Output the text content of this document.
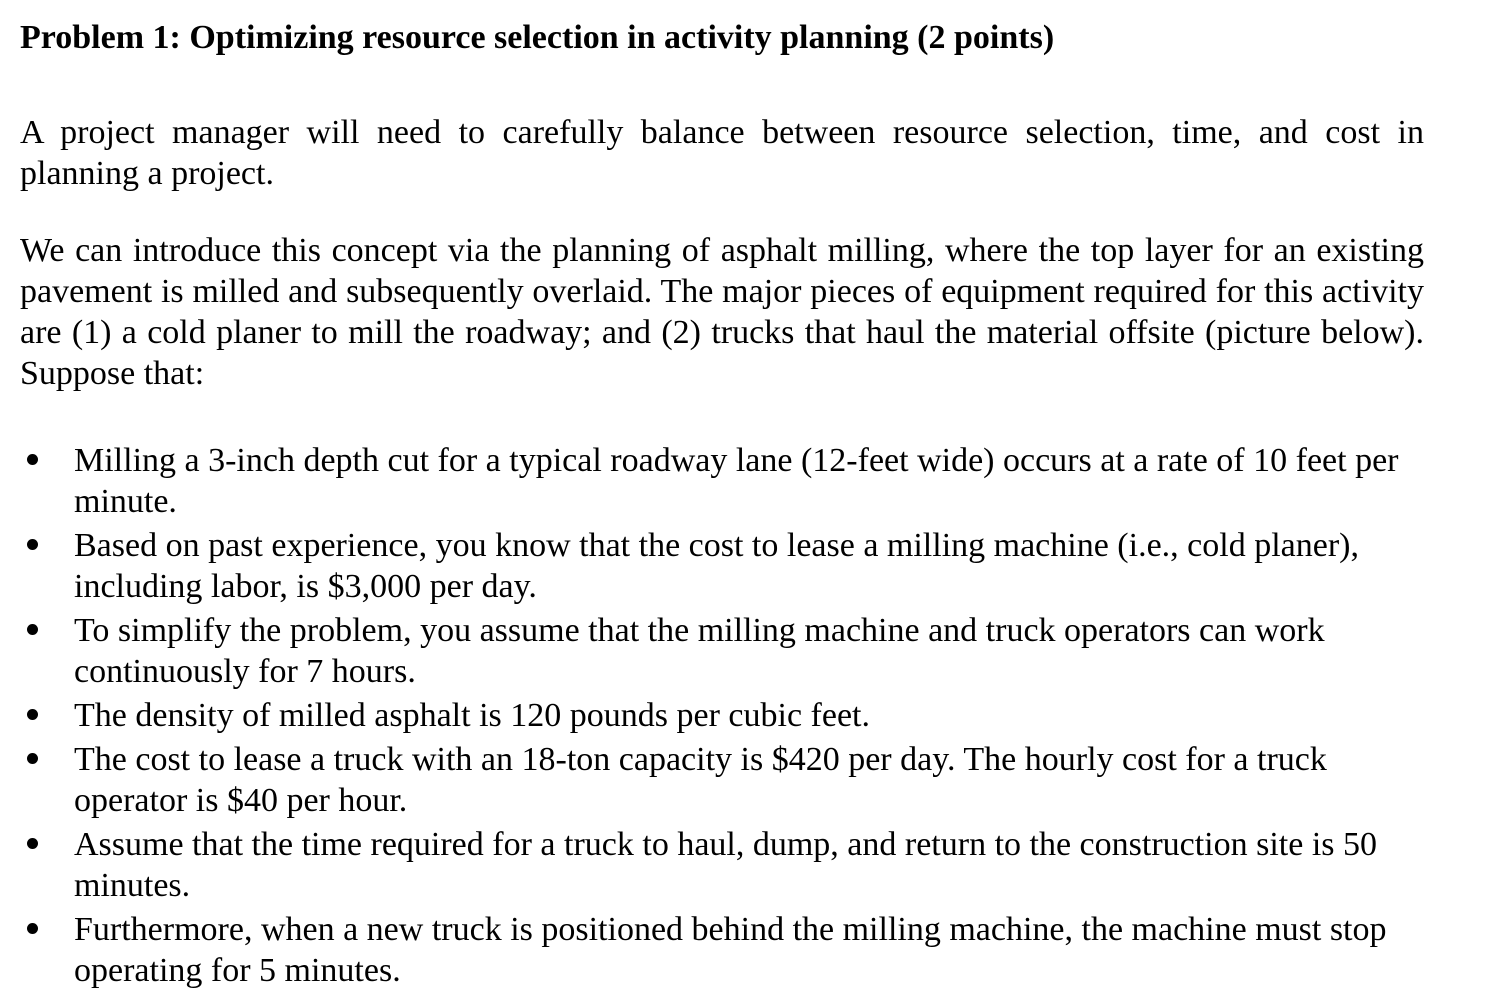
Problem 1: Optimizing resource selection in activity planning (2 points)

A project manager will need to carefully balance between resource selection, time, and cost in planning a project.

We can introduce this concept via the planning of asphalt milling, where the top layer for an existing pavement is milled and subsequently overlaid. The major pieces of equipment required for this activity are (1) a cold planer to mill the roadway; and (2) trucks that haul the material offsite (picture below). Suppose that:

Milling a 3-inch depth cut for a typical roadway lane (12-feet wide) occurs at a rate of 10 feet per minute.
Based on past experience, you know that the cost to lease a milling machine (i.e., cold planer), including labor, is $3,000 per day.
To simplify the problem, you assume that the milling machine and truck operators can work continuously for 7 hours.
The density of milled asphalt is 120 pounds per cubic feet.
The cost to lease a truck with an 18-ton capacity is $420 per day. The hourly cost for a truck operator is $40 per hour.
Assume that the time required for a truck to haul, dump, and return to the construction site is 50 minutes.
Furthermore, when a new truck is positioned behind the milling machine, the machine must stop operating for 5 minutes.
